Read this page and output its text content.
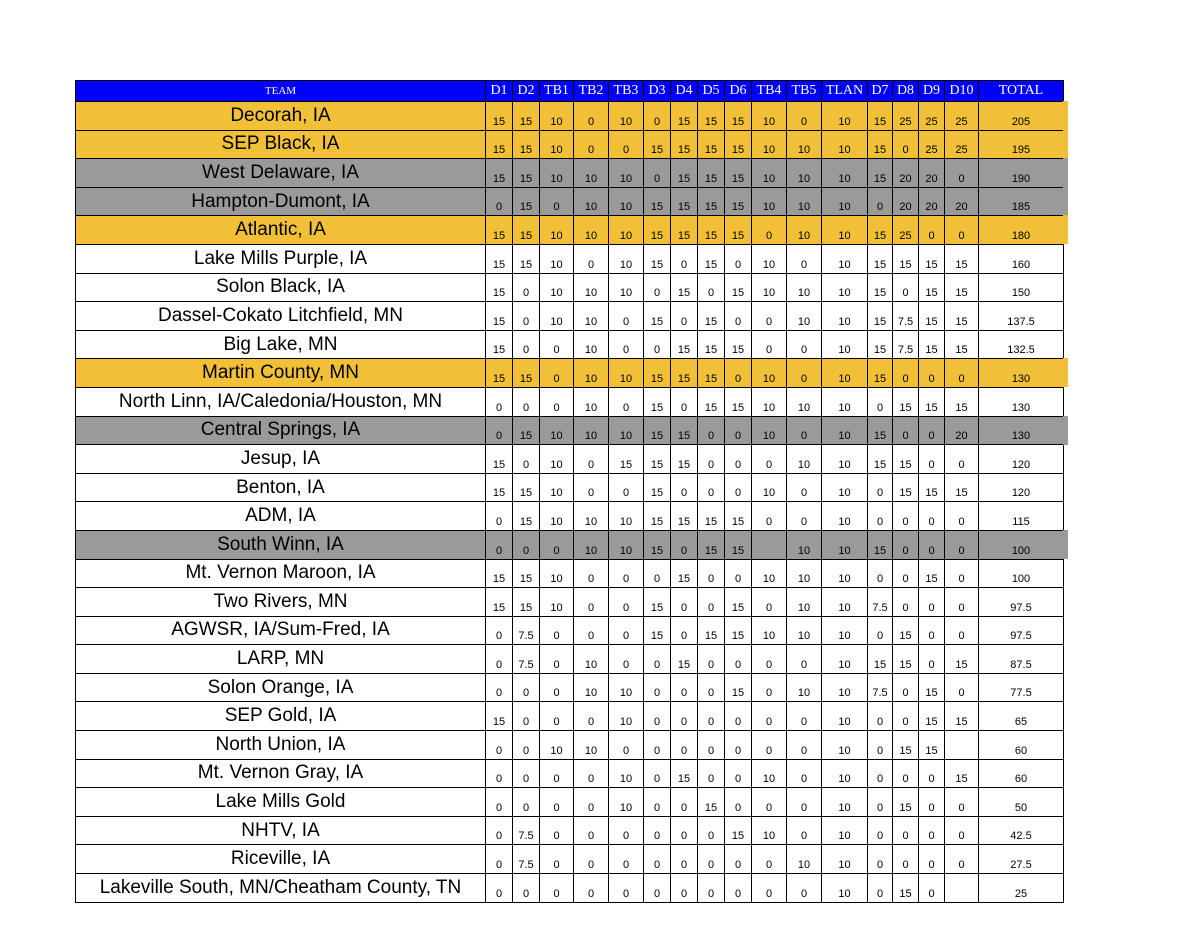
TEAM	D1	D2	TB1	TB2	TB3	D3	D4	D5	D6	TB4	TB5	TLAN	D7	D8	D9	D10	TOTAL
Decorah, IA	15	15	10	0	10	0	15	15	15	10	0	10	15	25	25	25	205
SEP Black, IA	15	15	10	0	0	15	15	15	15	10	10	10	15	0	25	25	195
West Delaware, IA	15	15	10	10	10	0	15	15	15	10	10	10	15	20	20	0	190
Hampton-Dumont, IA	0	15	0	10	10	15	15	15	15	10	10	10	0	20	20	20	185
Atlantic, IA	15	15	10	10	10	15	15	15	15	0	10	10	15	25	0	0	180
Lake Mills Purple, IA	15	15	10	0	10	15	0	15	0	10	0	10	15	15	15	15	160
Solon Black, IA	15	0	10	10	10	0	15	0	15	10	10	10	15	0	15	15	150
Dassel-Cokato Litchfield, MN	15	0	10	10	0	15	0	15	0	0	10	10	15	7.5	15	15	137.5
Big Lake, MN	15	0	0	10	0	0	15	15	15	0	0	10	15	7.5	15	15	132.5
Martin County, MN	15	15	0	10	10	15	15	15	0	10	0	10	15	0	0	0	130
North Linn, IA/Caledonia/Houston, MN	0	0	0	10	0	15	0	15	15	10	10	10	0	15	15	15	130
Central Springs, IA	0	15	10	10	10	15	15	0	0	10	0	10	15	0	0	20	130
Jesup, IA	15	0	10	0	15	15	15	0	0	0	10	10	15	15	0	0	120
Benton, IA	15	15	10	0	0	15	0	0	0	10	0	10	0	15	15	15	120
ADM, IA	0	15	10	10	10	15	15	15	15	0	0	10	0	0	0	0	115
South Winn, IA	0	0	0	10	10	15	0	15	15		10	10	15	0	0	0	100
Mt. Vernon Maroon, IA	15	15	10	0	0	0	15	0	0	10	10	10	0	0	15	0	100
Two Rivers, MN	15	15	10	0	0	15	0	0	15	0	10	10	7.5	0	0	0	97.5
AGWSR, IA/Sum-Fred, IA	0	7.5	0	0	0	15	0	15	15	10	10	10	0	15	0	0	97.5
LARP, MN	0	7.5	0	10	0	0	15	0	0	0	0	10	15	15	0	15	87.5
Solon Orange, IA	0	0	0	10	10	0	0	0	15	0	10	10	7.5	0	15	0	77.5
SEP Gold, IA	15	0	0	0	10	0	0	0	0	0	0	10	0	0	15	15	65
North Union, IA	0	0	10	10	0	0	0	0	0	0	0	10	0	15	15		60
Mt. Vernon Gray, IA	0	0	0	0	10	0	15	0	0	10	0	10	0	0	0	15	60
Lake Mills Gold	0	0	0	0	10	0	0	15	0	0	0	10	0	15	0	0	50
NHTV, IA	0	7.5	0	0	0	0	0	0	15	10	0	10	0	0	0	0	42.5
Riceville, IA	0	7.5	0	0	0	0	0	0	0	0	10	10	0	0	0	0	27.5
Lakeville South, MN/Cheatham County, TN	0	0	0	0	0	0	0	0	0	0	0	10	0	15	0		25
